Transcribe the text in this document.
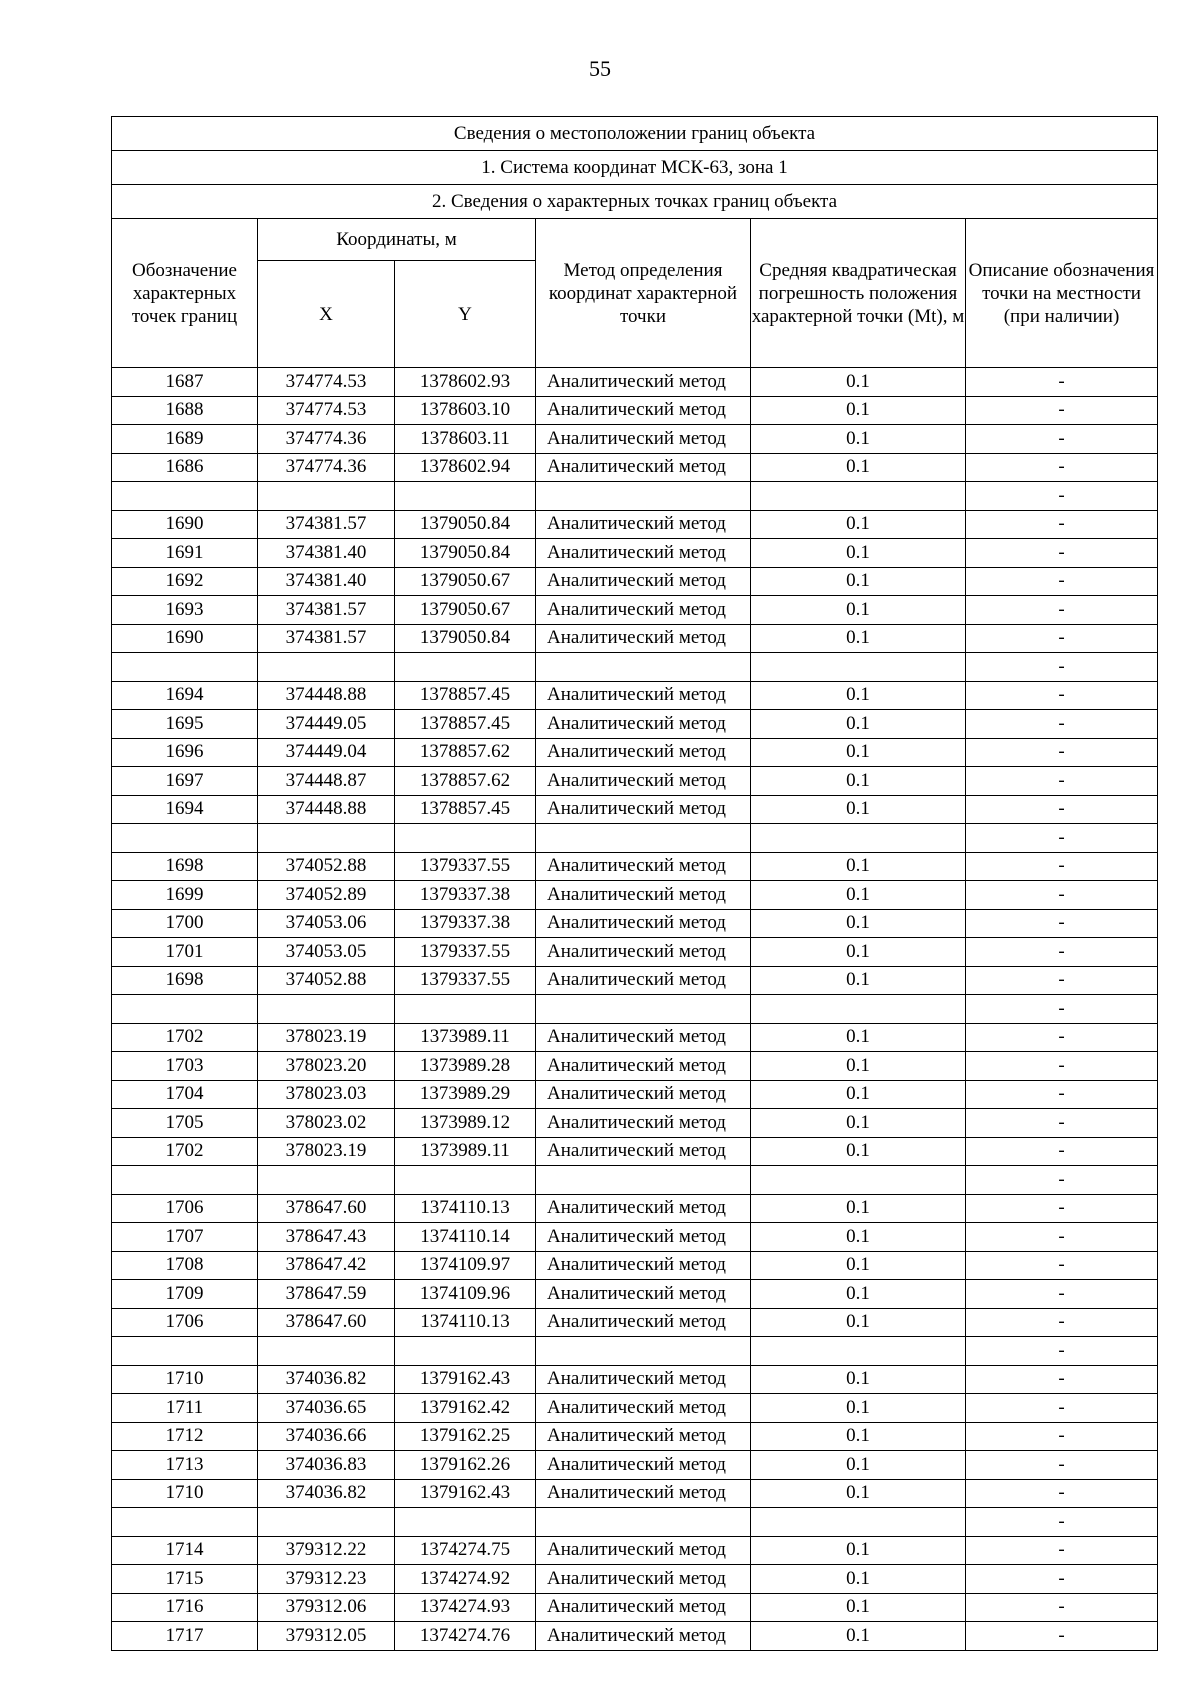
55
Сведения о местоположении границ объекта					
1. Система координат МСК-63, зона 1					
2. Сведения о характерных точках границ объекта					
Обозначение характерных точек границ	Координаты, м		Метод определения координат характерной точки	Средняя квадратическая погрешность положения характерной точки (Mt), м	Описание обозначения точки на местности (при наличии)
	X	Y			
1687	374774.53	1378602.93	Аналитический метод	0.1	-
1688	374774.53	1378603.10	Аналитический метод	0.1	-
1689	374774.36	1378603.11	Аналитический метод	0.1	-
1686	374774.36	1378602.94	Аналитический метод	0.1	-
					-
1690	374381.57	1379050.84	Аналитический метод	0.1	-
1691	374381.40	1379050.84	Аналитический метод	0.1	-
1692	374381.40	1379050.67	Аналитический метод	0.1	-
1693	374381.57	1379050.67	Аналитический метод	0.1	-
1690	374381.57	1379050.84	Аналитический метод	0.1	-
					-
1694	374448.88	1378857.45	Аналитический метод	0.1	-
1695	374449.05	1378857.45	Аналитический метод	0.1	-
1696	374449.04	1378857.62	Аналитический метод	0.1	-
1697	374448.87	1378857.62	Аналитический метод	0.1	-
1694	374448.88	1378857.45	Аналитический метод	0.1	-
					-
1698	374052.88	1379337.55	Аналитический метод	0.1	-
1699	374052.89	1379337.38	Аналитический метод	0.1	-
1700	374053.06	1379337.38	Аналитический метод	0.1	-
1701	374053.05	1379337.55	Аналитический метод	0.1	-
1698	374052.88	1379337.55	Аналитический метод	0.1	-
					-
1702	378023.19	1373989.11	Аналитический метод	0.1	-
1703	378023.20	1373989.28	Аналитический метод	0.1	-
1704	378023.03	1373989.29	Аналитический метод	0.1	-
1705	378023.02	1373989.12	Аналитический метод	0.1	-
1702	378023.19	1373989.11	Аналитический метод	0.1	-
					-
1706	378647.60	1374110.13	Аналитический метод	0.1	-
1707	378647.43	1374110.14	Аналитический метод	0.1	-
1708	378647.42	1374109.97	Аналитический метод	0.1	-
1709	378647.59	1374109.96	Аналитический метод	0.1	-
1706	378647.60	1374110.13	Аналитический метод	0.1	-
					-
1710	374036.82	1379162.43	Аналитический метод	0.1	-
1711	374036.65	1379162.42	Аналитический метод	0.1	-
1712	374036.66	1379162.25	Аналитический метод	0.1	-
1713	374036.83	1379162.26	Аналитический метод	0.1	-
1710	374036.82	1379162.43	Аналитический метод	0.1	-
					-
1714	379312.22	1374274.75	Аналитический метод	0.1	-
1715	379312.23	1374274.92	Аналитический метод	0.1	-
1716	379312.06	1374274.93	Аналитический метод	0.1	-
1717	379312.05	1374274.76	Аналитический метод	0.1	-
